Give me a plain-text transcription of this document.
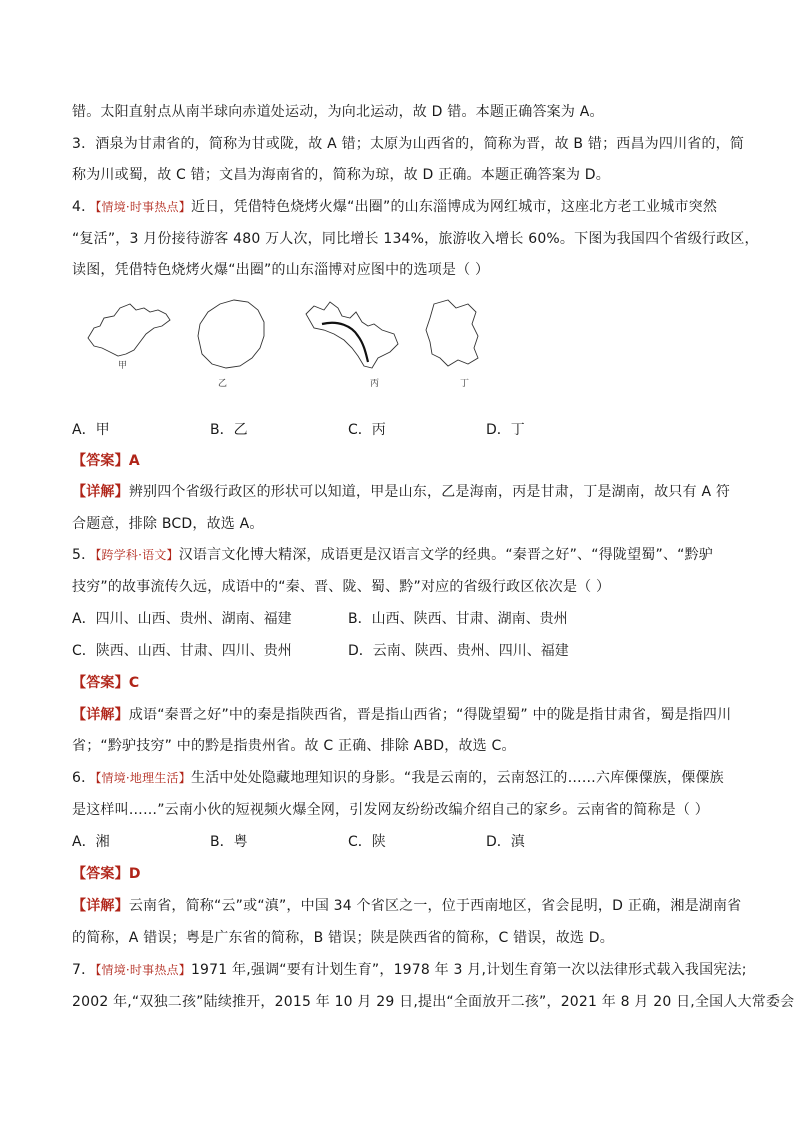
错。太阳直射点从南半球向赤道处运动，为向北运动，故 D 错。本题正确答案为 A。
3．酒泉为甘肃省的，简称为甘或陇，故 A 错；太原为山西省的，简称为晋，故 B 错；西昌为四川省的，简
称为川或蜀，故 C 错；文昌为海南省的，简称为琼，故 D 正确。本题正确答案为 D。
4．【情境·时事热点】近日，凭借特色烧烤火爆“出圈”的山东淄博成为网红城市，这座北方老工业城市突然
“复活”，3 月份接待游客 480 万人次，同比增长 134%，旅游收入增长 60%。下图为我国四个省级行政区，
读图，凭借特色烧烤火爆“出圈”的山东淄博对应图中的选项是（ ）
甲
乙	丙	丁
A．甲	B．乙	C．丙	D．丁
【答案】A
【详解】辨别四个省级行政区的形状可以知道，甲是山东，乙是海南，丙是甘肃，丁是湖南，故只有 A 符
合题意，排除 BCD，故选 A。
5．【跨学科·语文】汉语言文化博大精深，成语更是汉语言文学的经典。“秦晋之好”、“得陇望蜀”、“黔驴
技穷”的故事流传久远，成语中的“秦、晋、陇、蜀、黔”对应的省级行政区依次是（ ）
A．四川、山西、贵州、湖南、福建	B．山西、陕西、甘肃、湖南、贵州
C．陕西、山西、甘肃、四川、贵州	D．云南、陕西、贵州、四川、福建
【答案】C
【详解】成语“秦晋之好”中的秦是指陕西省，晋是指山西省；“得陇望蜀” 中的陇是指甘肃省，蜀是指四川
省；“黔驴技穷” 中的黔是指贵州省。故 C 正确、排除 ABD，故选 C。
6．【情境·地理生活】生活中处处隐藏地理知识的身影。“我是云南的，云南怒江的……六库傈僳族，傈僳族
是这样叫……”云南小伙的短视频火爆全网，引发网友纷纷改编介绍自己的家乡。云南省的简称是（ ）
A．湘	B．粤	C．陕	D．滇
【答案】D
【详解】云南省，简称“云”或“滇”，中国 34 个省区之一，位于西南地区，省会昆明，D 正确，湘是湖南省
的简称，A 错误；粤是广东省的简称，B 错误；陕是陕西省的简称，C 错误，故选 D。
7．【情境·时事热点】1971 年,强调“要有计划生育”，1978 年 3 月,计划生育第一次以法律形式载入我国宪法;
2002 年,“双独二孩”陆续推开，2015 年 10 月 29 日,提出“全面放开二孩”，2021 年 8 月 20 日,全国人大常委会
